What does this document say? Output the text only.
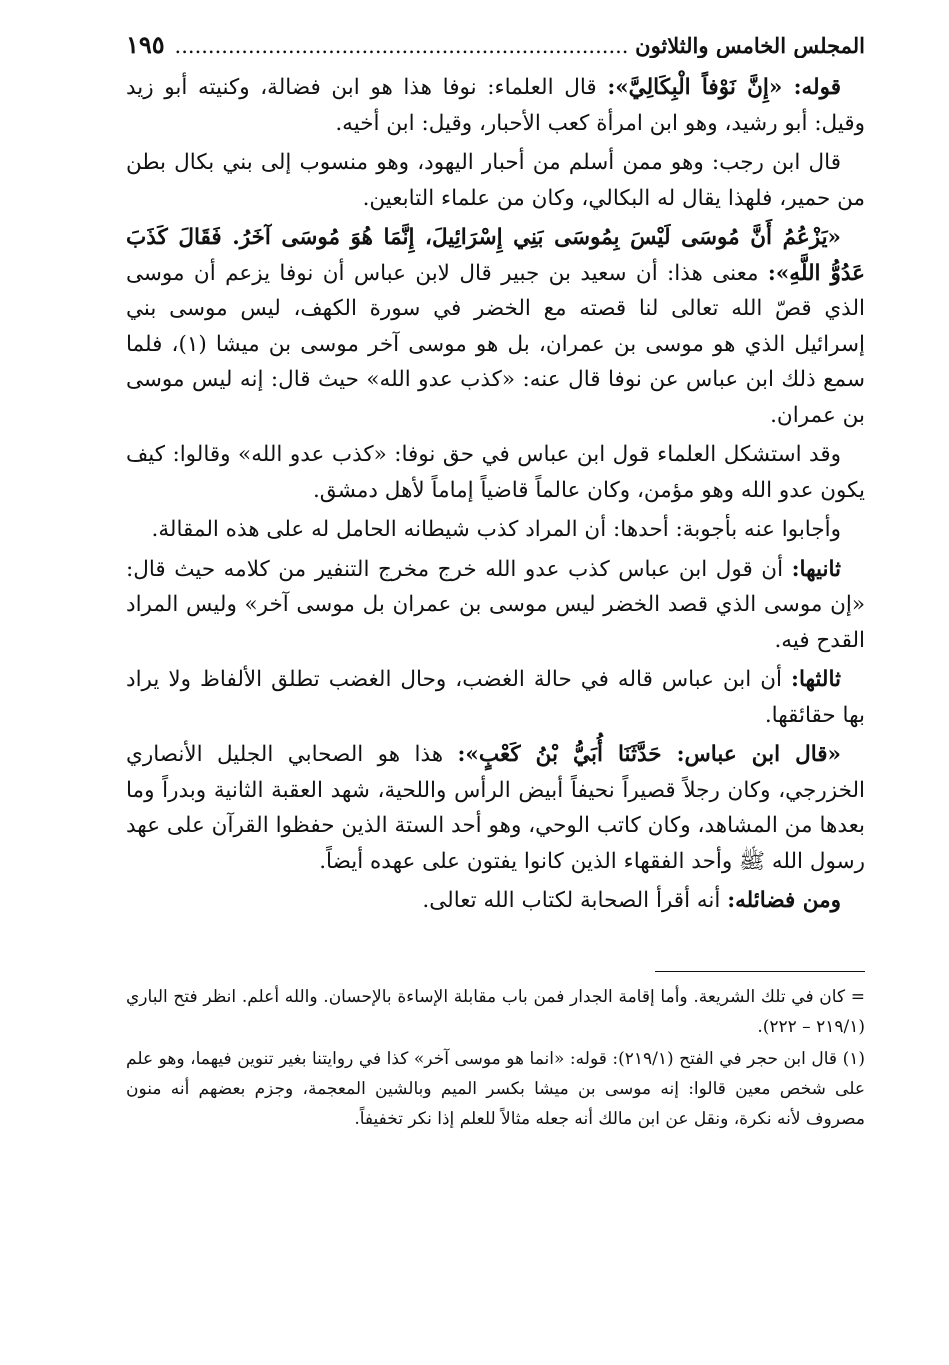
المجلس الخامس والثلاثون .....
١٩٥

قوله: «إِنَّ نَوْفاً الْبِكَالِيَّ»: قال العلماء: نوفا هذا هو ابن فضالة، وكنيته أبو زيد وقيل: أبو رشيد، وهو ابن امرأة كعب الأحبار، وقيل: ابن أخيه.

قال ابن رجب: وهو ممن أسلم من أحبار اليهود، وهو منسوب إلى بني بكال بطن من حمير، فلهذا يقال له البكالي، وكان من علماء التابعين.

«يَزْعُمُ أَنَّ مُوسَى لَيْسَ بِمُوسَى بَنِي إِسْرَائِيلَ، إِنَّمَا هُوَ مُوسَى آخَرُ. فَقَالَ كَذَبَ عَدُوُّ اللَّهِ»: معنى هذا: أن سعيد بن جبير قال لابن عباس أن نوفا يزعم أن موسى الذي قصّ الله تعالى لنا قصته مع الخضر في سورة الكهف، ليس موسى بني إسرائيل الذي هو موسى بن عمران، بل هو موسى آخر موسى بن ميشا (١)، فلما سمع ذلك ابن عباس عن نوفا قال عنه: «كذب عدو الله» حيث قال: إنه ليس موسى بن عمران.

وقد استشكل العلماء قول ابن عباس في حق نوفا: «كذب عدو الله» وقالوا: كيف يكون عدو الله وهو مؤمن، وكان عالماً قاضياً إماماً لأهل دمشق.

وأجابوا عنه بأجوبة: أحدها: أن المراد كذب شيطانه الحامل له على هذه المقالة.

ثانيها: أن قول ابن عباس كذب عدو الله خرج مخرج التنفير من كلامه حيث قال: «إن موسى الذي قصد الخضر ليس موسى بن عمران بل موسى آخر» وليس المراد القدح فيه.

ثالثها: أن ابن عباس قاله في حالة الغضب، وحال الغضب تطلق الألفاظ ولا يراد بها حقائقها.

«قال ابن عباس: حَدَّثَنَا أُبَيُّ بْنُ كَعْبٍ»: هذا هو الصحابي الجليل الأنصاري الخزرجي، وكان رجلاً قصيراً نحيفاً أبيض الرأس واللحية، شهد العقبة الثانية وبدراً وما بعدها من المشاهد، وكان كاتب الوحي، وهو أحد الستة الذين حفظوا القرآن على عهد رسول الله ﷺ وأحد الفقهاء الذين كانوا يفتون على عهده أيضاً.

ومن فضائله: أنه أقرأ الصحابة لكتاب الله تعالى.

= كان في تلك الشريعة. وأما إقامة الجدار فمن باب مقابلة الإساءة بالإحسان. والله أعلم. انظر فتح الباري (٢١٩/١ – ٢٢٢).

(١) قال ابن حجر في الفتح (٢١٩/١): قوله: «انما هو موسى آخر» كذا في روايتنا بغير تنوين فيهما، وهو علم على شخص معين قالوا: إنه موسى بن ميشا بكسر الميم وبالشين المعجمة، وجزم بعضهم أنه منون مصروف لأنه نكرة، ونقل عن ابن مالك أنه جعله مثالاً للعلم إذا نكر تخفيفاً.
